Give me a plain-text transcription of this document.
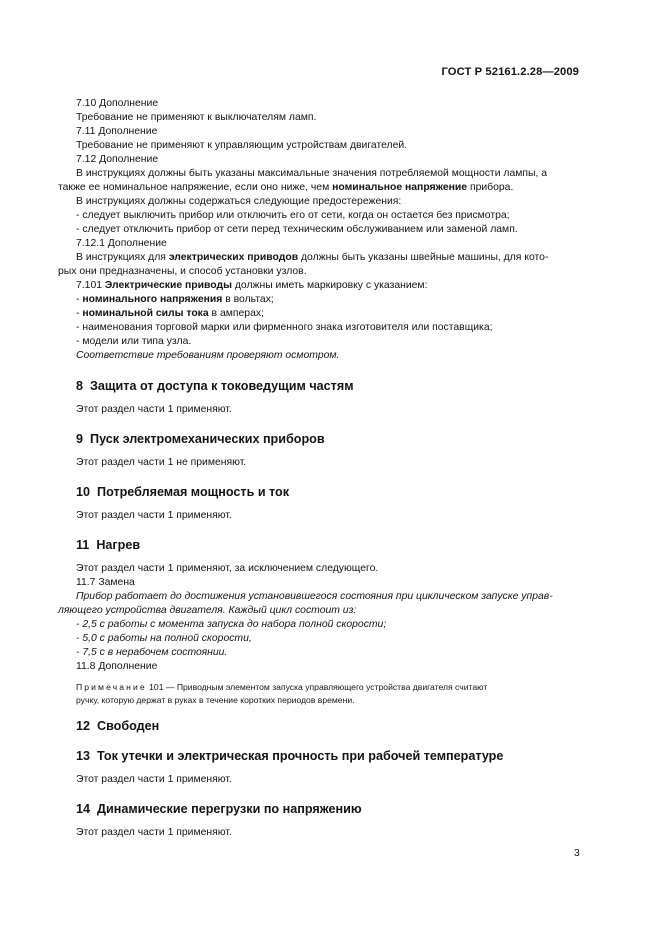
ГОСТ Р 52161.2.28—2009
7.10 Дополнение
Требование не применяют к выключателям ламп.
7.11 Дополнение
Требование не применяют к управляющим устройствам двигателей.
7.12 Дополнение
В инструкциях должны быть указаны максимальные значения потребляемой мощности лампы, а
также ее номинальное напряжение, если оно ниже, чем номинальное напряжение прибора.
В инструкциях должны содержаться следующие предостережения:
- следует выключить прибор или отключить его от сети, когда он остается без присмотра;
- следует отключить прибор от сети перед техническим обслуживанием или заменой ламп.
7.12.1 Дополнение
В инструкциях для электрических приводов должны быть указаны швейные машины, для кото-
рых они предназначены, и способ установки узлов.
7.101 Электрические приводы должны иметь маркировку с указанием:
- номинального напряжения в вольтах;
- номинальной силы тока в амперах;
- наименования торговой марки или фирменного знака изготовителя или поставщика;
- модели или типа узла.
Соответствие требованиям проверяют осмотром.
8 Защита от доступа к токоведущим частям
Этот раздел части 1 применяют.
9 Пуск электромеханических приборов
Этот раздел части 1 не применяют.
10 Потребляемая мощность и ток
Этот раздел части 1 применяют.
11 Нагрев
Этот раздел части 1 применяют, за исключением следующего.
11.7 Замена
Прибор работает до достижения установившегося состояния при циклическом запуске управ-
ляющего устройства двигателя. Каждый цикл состоит из:
- 2,5 с работы с момента запуска до набора полной скорости;
- 5,0 с работы на полной скорости,
- 7,5 с в нерабочем состоянии.
11.8 Дополнение
Примечание 101 — Приводным элементом запуска управляющего устройства двигателя считают
ручку, которую держат в руках в течение коротких периодов времени.
12 Свободен
13 Ток утечки и электрическая прочность при рабочей температуре
Этот раздел части 1 применяют.
14 Динамические перегрузки по напряжению
Этот раздел части 1 применяют.
3
